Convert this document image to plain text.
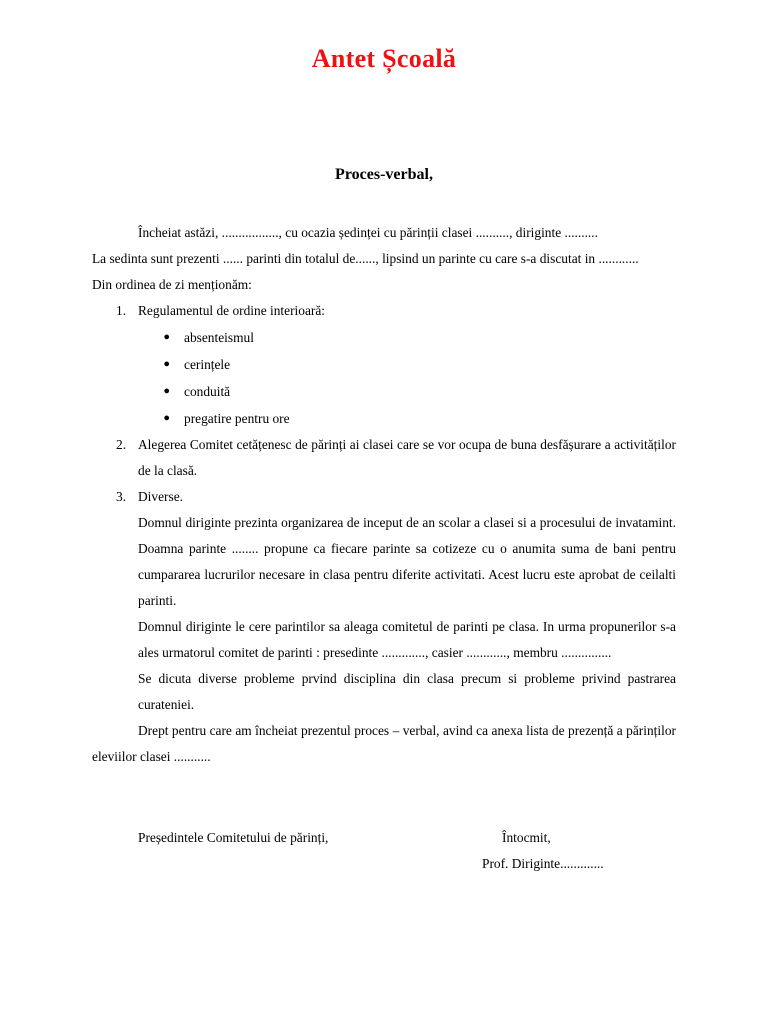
Antet Școală
Proces-verbal,

Încheiat astăzi, ................., cu ocazia ședinței cu părinții clasei .........., diriginte ..........

La sedinta sunt prezenti ...... parinti din totalul de......, lipsind un parinte cu care s-a discutat in ............

Din ordinea de zi menționăm:

1. Regulamentul de ordine interioară:
●	absenteismul
●	cerințele
●	conduită
●	pregatire pentru ore
2. Alegerea Comitet cetățenesc de părinți ai clasei care se vor ocupa de buna desfășurare a activităților de la clasă.
3. Diverse.

Domnul diriginte prezinta organizarea de inceput de an scolar a clasei si a procesului de invatamint. Doamna parinte ........ propune ca fiecare parinte sa cotizeze cu o anumita suma de bani pentru cumpararea lucrurilor necesare in clasa pentru diferite activitati. Acest lucru este aprobat de ceilalti parinti.

Domnul diriginte le cere parintilor sa aleaga comitetul de parinti pe clasa. In urma propunerilor s-a ales urmatorul comitet de parinti : presedinte ............., casier ............, membru ...............

Se dicuta diverse probleme prvind disciplina din clasa precum si probleme privind pastrarea curateniei.

Drept pentru care am încheiat prezentul proces – verbal, avind ca anexa lista de prezență a părinților eleviilor clasei ...........

Președintele Comitetului de părinți,	Întocmit,
Prof. Diriginte.............
